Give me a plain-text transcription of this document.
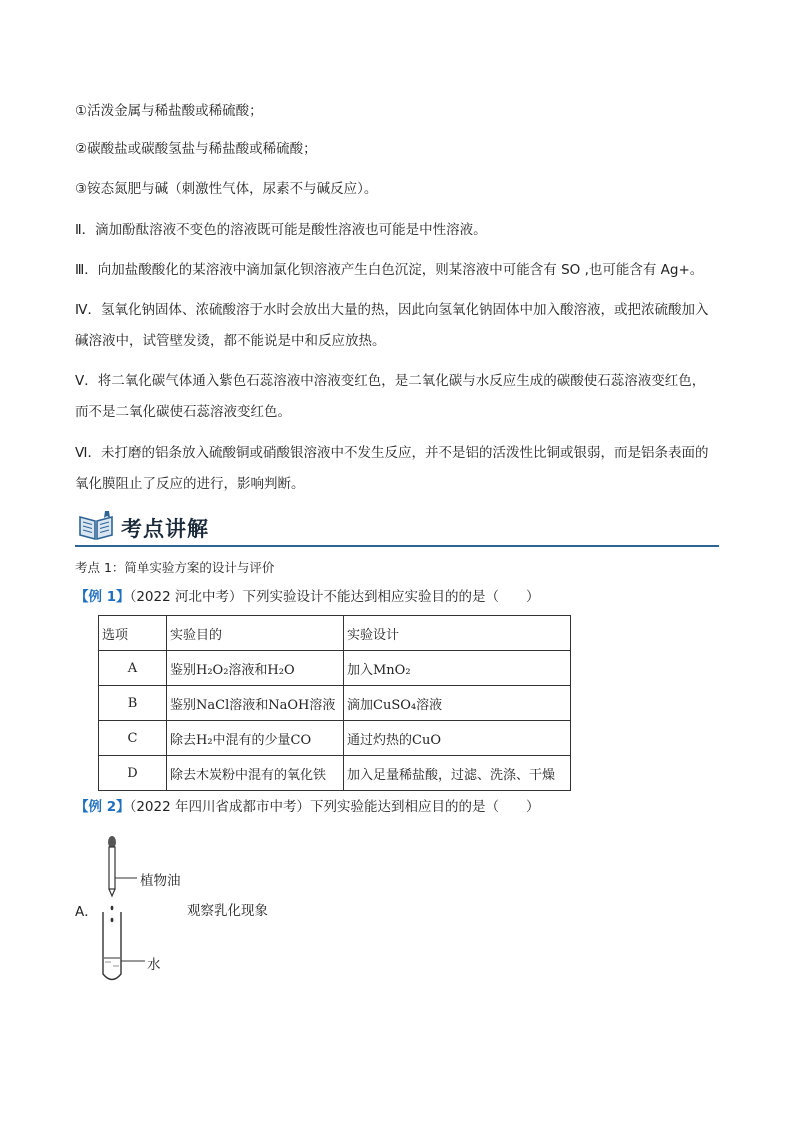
①活泼金属与稀盐酸或稀硫酸；
②碳酸盐或碳酸氢盐与稀盐酸或稀硫酸；
③铵态氮肥与碱（刺激性气体，尿素不与碱反应）。
Ⅱ．滴加酚酞溶液不变色的溶液既可能是酸性溶液也可能是中性溶液。
Ⅲ．向加盐酸酸化的某溶液中滴加氯化钡溶液产生白色沉淀，则某溶液中可能含有 SO ,也可能含有 Ag+。
Ⅳ．氢氧化钠固体、浓硫酸溶于水时会放出大量的热，因此向氢氧化钠固体中加入酸溶液，或把浓硫酸加入
碱溶液中，试管壁发烫，都不能说是中和反应放热。
Ⅴ．将二氧化碳气体通入紫色石蕊溶液中溶液变红色，是二氧化碳与水反应生成的碳酸使石蕊溶液变红色，
而不是二氧化碳使石蕊溶液变红色。
Ⅵ．未打磨的铝条放入硫酸铜或硝酸银溶液中不发生反应，并不是铝的活泼性比铜或银弱，而是铝条表面的
氧化膜阻止了反应的进行，影响判断。
考点讲解
考点 1：简单实验方案的设计与评价
【例 1】（2022 河北中考）下列实验设计不能达到相应实验目的的是（　　）
选项	实验目的	实验设计
A	鉴别H₂O₂溶液和H₂O	加入MnO₂
B	鉴别NaCl溶液和NaOH溶液	滴加CuSO₄溶液
C	除去H₂中混有的少量CO	通过灼热的CuO
D	除去木炭粉中混有的氧化铁	加入足量稀盐酸，过滤、洗涤、干燥
【例 2】（2022 年四川省成都市中考）下列实验能达到相应目的的是（　　）
植物油
水
A．	观察乳化现象
